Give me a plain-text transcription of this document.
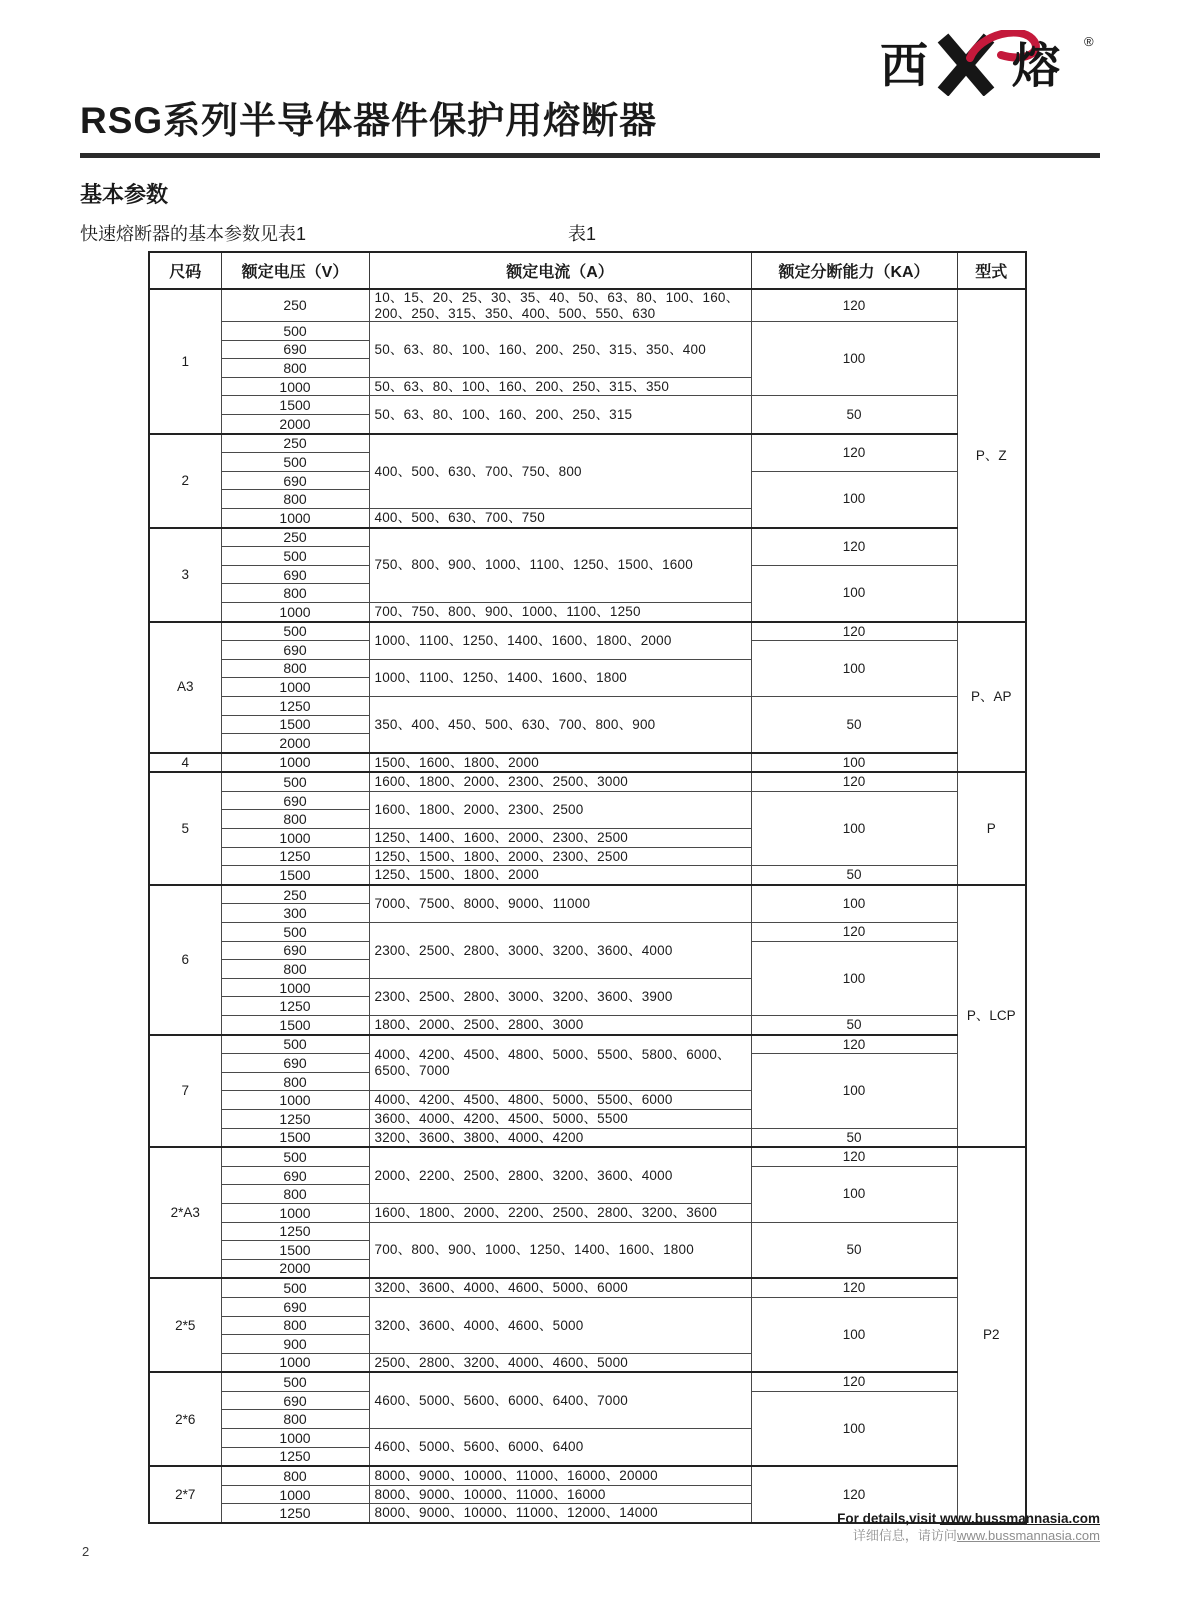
西 熔 ®
RSG系列半导体器件保护用熔断器
基本参数
快速熔断器的基本参数见表1	表1
尺码	额定电压（V）	额定电流（A）	额定分断能力（KA）	型式
1	250	10、15、20、25、30、35、40、50、63、80、100、160、200、250、315、350、400、500、550、630	120	P、Z
	500	50、63、80、100、160、200、250、315、350、400	100	
	690			
	800			
	1000	50、63、80、100、160、200、250、315、350		
	1500	50、63、80、100、160、200、250、315	50	
	2000			
2	250	400、500、630、700、750、800	120	
	500			
	690		100	
	800			
	1000	400、500、630、700、750		
3	250	750、800、900、1000、1100、1250、1500、1600	120	
	500			
	690		100	
	800			
	1000	700、750、800、900、1000、1100、1250		
A3	500	1000、1100、1250、1400、1600、1800、2000	120	P、AP
	690		100	
	800	1000、1100、1250、1400、1600、1800		
	1000			
	1250	350、400、450、500、630、700、800、900	50	
	1500			
	2000			
4	1000	1500、1600、1800、2000	100	
5	500	1600、1800、2000、2300、2500、3000	120	P
	690	1600、1800、2000、2300、2500	100	
	800			
	1000	1250、1400、1600、2000、2300、2500		
	1250	1250、1500、1800、2000、2300、2500		
	1500	1250、1500、1800、2000	50	
6	250	7000、7500、8000、9000、11000	100	P、LCP
	300			
	500	2300、2500、2800、3000、3200、3600、4000	120	
	690		100	
	800			
	1000	2300、2500、2800、3000、3200、3600、3900		
	1250			
	1500	1800、2000、2500、2800、3000	50	
7	500	4000、4200、4500、4800、5000、5500、5800、6000、6500、7000	120	
	690		100	
	800			
	1000	4000、4200、4500、4800、5000、5500、6000		
	1250	3600、4000、4200、4500、5000、5500		
	1500	3200、3600、3800、4000、4200	50	
2*A3	500	2000、2200、2500、2800、3200、3600、4000	120	P2
	690		100	
	800			
	1000	1600、1800、2000、2200、2500、2800、3200、3600		
	1250	700、800、900、1000、1250、1400、1600、1800	50	
	1500			
	2000			
2*5	500	3200、3600、4000、4600、5000、6000	120	
	690	3200、3600、4000、4600、5000	100	
	800			
	900			
	1000	2500、2800、3200、4000、4600、5000		
2*6	500	4600、5000、5600、6000、6400、7000	120	
	690		100	
	800			
	1000	4600、5000、5600、6000、6400		
	1250			
2*7	800	8000、9000、10000、11000、16000、20000	120	
	1000	8000、9000、10000、11000、16000		
	1250	8000、9000、10000、11000、12000、14000			For details,visit www.bussmannasia.com
详细信息，请访问www.bussmannasia.com
2
